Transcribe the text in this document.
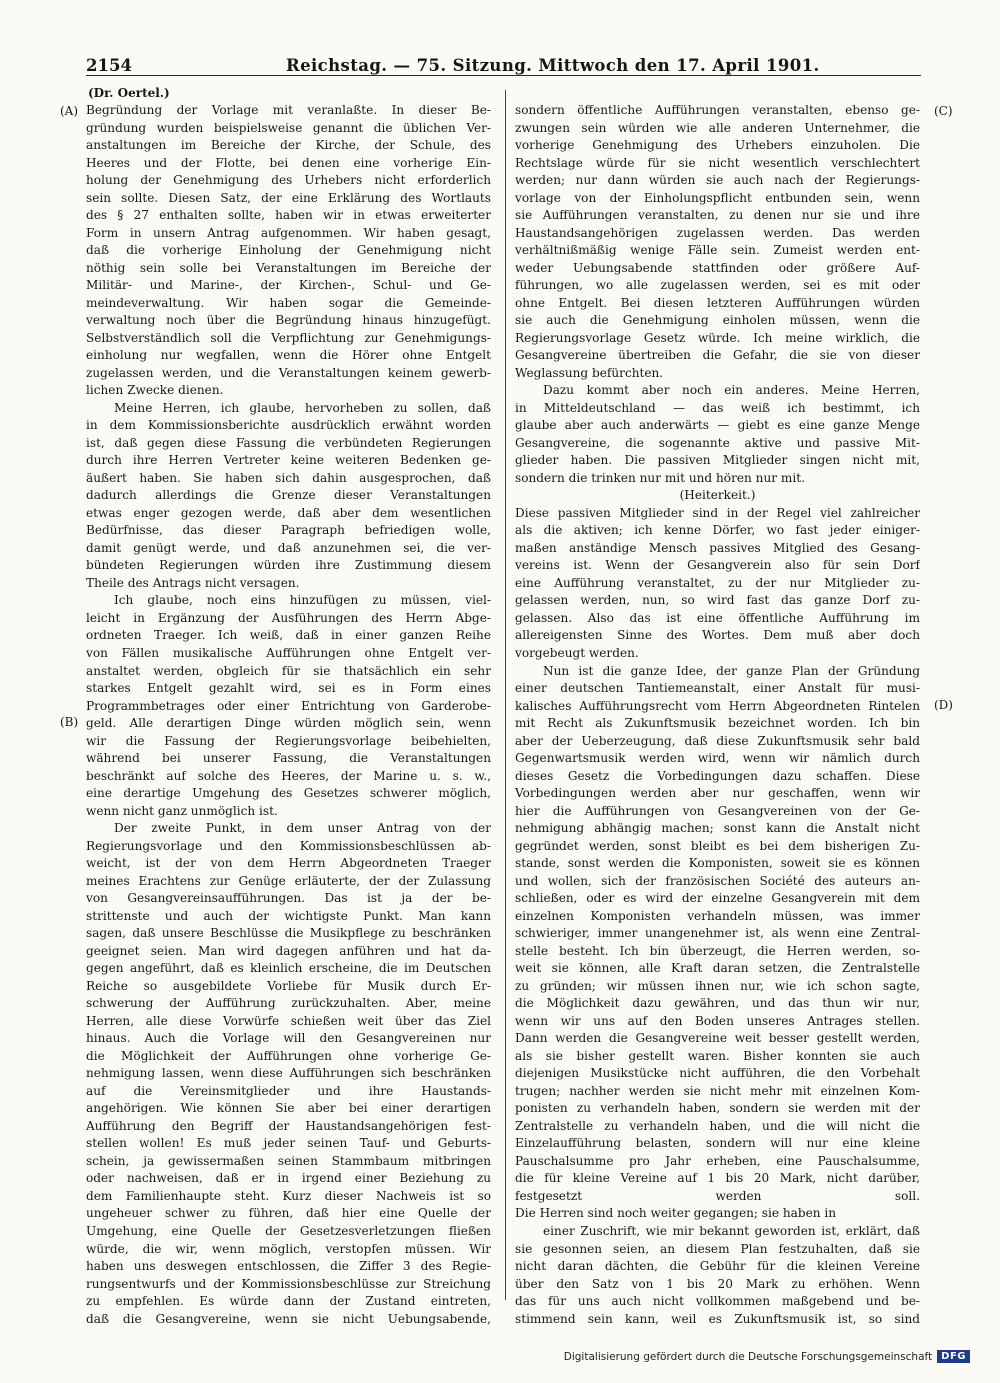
2154	Reichstag. — 75. Sitzung. Mittwoch den 17. April 1901.
(Dr. Oertel.)
(A)
(B)
(C)
(D)
Begründung der Vorlage mit veranlaßte. In dieser Be-
gründung wurden beispielsweise genannt die üblichen Ver-
anstaltungen im Bereiche der Kirche, der Schule, des
Heeres und der Flotte, bei denen eine vorherige Ein-
holung der Genehmigung des Urhebers nicht erforderlich
sein sollte. Diesen Satz, der eine Erklärung des Wortlauts
des § 27 enthalten sollte, haben wir in etwas erweiterter
Form in unsern Antrag aufgenommen. Wir haben gesagt,
daß die vorherige Einholung der Genehmigung nicht
nöthig sein solle bei Veranstaltungen im Bereiche der
Militär- und Marine-, der Kirchen-, Schul- und Ge-
meindeverwaltung. Wir haben sogar die Gemeinde-
verwaltung noch über die Begründung hinaus hinzugefügt.
Selbstverständlich soll die Verpflichtung zur Genehmigungs-
einholung nur wegfallen, wenn die Hörer ohne Entgelt
zugelassen werden, und die Veranstaltungen keinem gewerb-
lichen Zwecke dienen.
Meine Herren, ich glaube, hervorheben zu sollen, daß
in dem Kommissionsberichte ausdrücklich erwähnt worden
ist, daß gegen diese Fassung die verbündeten Regierungen
durch ihre Herren Vertreter keine weiteren Bedenken ge-
äußert haben. Sie haben sich dahin ausgesprochen, daß
dadurch allerdings die Grenze dieser Veranstaltungen
etwas enger gezogen werde, daß aber dem wesentlichen
Bedürfnisse, das dieser Paragraph befriedigen wolle,
damit genügt werde, und daß anzunehmen sei, die ver-
bündeten Regierungen würden ihre Zustimmung diesem
Theile des Antrags nicht versagen.
Ich glaube, noch eins hinzufügen zu müssen, viel-
leicht in Ergänzung der Ausführungen des Herrn Abge-
ordneten Traeger. Ich weiß, daß in einer ganzen Reihe
von Fällen musikalische Aufführungen ohne Entgelt ver-
anstaltet werden, obgleich für sie thatsächlich ein sehr
starkes Entgelt gezahlt wird, sei es in Form eines
Programmbetrages oder einer Entrichtung von Garderobe-
geld. Alle derartigen Dinge würden möglich sein, wenn
wir die Fassung der Regierungsvorlage beibehielten,
während bei unserer Fassung, die Veranstaltungen
beschränkt auf solche des Heeres, der Marine u. s. w.,
eine derartige Umgehung des Gesetzes schwerer möglich,
wenn nicht ganz unmöglich ist.
Der zweite Punkt, in dem unser Antrag von der
Regierungsvorlage und den Kommissionsbeschlüssen ab-
weicht, ist der von dem Herrn Abgeordneten Traeger
meines Erachtens zur Genüge erläuterte, der der Zulassung
von Gesangvereinsaufführungen. Das ist ja der be-
strittenste und auch der wichtigste Punkt. Man kann
sagen, daß unsere Beschlüsse die Musikpflege zu beschränken
geeignet seien. Man wird dagegen anführen und hat da-
gegen angeführt, daß es kleinlich erscheine, die im Deutschen
Reiche so ausgebildete Vorliebe für Musik durch Er-
schwerung der Aufführung zurückzuhalten. Aber, meine
Herren, alle diese Vorwürfe schießen weit über das Ziel
hinaus. Auch die Vorlage will den Gesangvereinen nur
die Möglichkeit der Aufführungen ohne vorherige Ge-
nehmigung lassen, wenn diese Aufführungen sich beschränken
auf die Vereinsmitglieder und ihre Haustands-
angehörigen. Wie können Sie aber bei einer derartigen
Aufführung den Begriff der Haustandsangehörigen fest-
stellen wollen! Es muß jeder seinen Tauf- und Geburts-
schein, ja gewissermaßen seinen Stammbaum mitbringen
oder nachweisen, daß er in irgend einer Beziehung zu
dem Familienhaupte steht. Kurz dieser Nachweis ist so
ungeheuer schwer zu führen, daß hier eine Quelle der
Umgehung, eine Quelle der Gesetzesverletzungen fließen
würde, die wir, wenn möglich, verstopfen müssen. Wir
haben uns deswegen entschlossen, die Ziffer 3 des Regie-
rungsentwurfs und der Kommissionsbeschlüsse zur Streichung
zu empfehlen. Es würde dann der Zustand eintreten,
daß die Gesangvereine, wenn sie nicht Uebungsabende,
sondern öffentliche Aufführungen veranstalten, ebenso ge-
zwungen sein würden wie alle anderen Unternehmer, die
vorherige Genehmigung des Urhebers einzuholen. Die
Rechtslage würde für sie nicht wesentlich verschlechtert
werden; nur dann würden sie auch nach der Regierungs-
vorlage von der Einholungspflicht entbunden sein, wenn
sie Aufführungen veranstalten, zu denen nur sie und ihre
Haustandsangehörigen zugelassen werden. Das werden
verhältnißmäßig wenige Fälle sein. Zumeist werden ent-
weder Uebungsabende stattfinden oder größere Auf-
führungen, wo alle zugelassen werden, sei es mit oder
ohne Entgelt. Bei diesen letzteren Aufführungen würden
sie auch die Genehmigung einholen müssen, wenn die
Regierungsvorlage Gesetz würde. Ich meine wirklich, die
Gesangvereine übertreiben die Gefahr, die sie von dieser
Weglassung befürchten.
Dazu kommt aber noch ein anderes. Meine Herren,
in Mitteldeutschland — das weiß ich bestimmt, ich
glaube aber auch anderwärts — giebt es eine ganze Menge
Gesangvereine, die sogenannte aktive und passive Mit-
glieder haben. Die passiven Mitglieder singen nicht mit,
sondern die trinken nur mit und hören nur mit.
(Heiterkeit.)
Diese passiven Mitglieder sind in der Regel viel zahlreicher
als die aktiven; ich kenne Dörfer, wo fast jeder einiger-
maßen anständige Mensch passives Mitglied des Gesang-
vereins ist. Wenn der Gesangverein also für sein Dorf
eine Aufführung veranstaltet, zu der nur Mitglieder zu-
gelassen werden, nun, so wird fast das ganze Dorf zu-
gelassen. Also das ist eine öffentliche Aufführung im
allereigensten Sinne des Wortes. Dem muß aber doch
vorgebeugt werden.
Nun ist die ganze Idee, der ganze Plan der Gründung
einer deutschen Tantiemeanstalt, einer Anstalt für musi-
kalisches Aufführungsrecht vom Herrn Abgeordneten Rintelen
mit Recht als Zukunftsmusik bezeichnet worden. Ich bin
aber der Ueberzeugung, daß diese Zukunftsmusik sehr bald
Gegenwartsmusik werden wird, wenn wir nämlich durch
dieses Gesetz die Vorbedingungen dazu schaffen. Diese
Vorbedingungen werden aber nur geschaffen, wenn wir
hier die Aufführungen von Gesangvereinen von der Ge-
nehmigung abhängig machen; sonst kann die Anstalt nicht
gegründet werden, sonst bleibt es bei dem bisherigen Zu-
stande, sonst werden die Komponisten, soweit sie es können
und wollen, sich der französischen Société des auteurs an-
schließen, oder es wird der einzelne Gesangverein mit dem
einzelnen Komponisten verhandeln müssen, was immer
schwieriger, immer unangenehmer ist, als wenn eine Zentral-
stelle besteht. Ich bin überzeugt, die Herren werden, so-
weit sie können, alle Kraft daran setzen, die Zentralstelle
zu gründen; wir müssen ihnen nur, wie ich schon sagte,
die Möglichkeit dazu gewähren, und das thun wir nur,
wenn wir uns auf den Boden unseres Antrages stellen.
Dann werden die Gesangvereine weit besser gestellt werden,
als sie bisher gestellt waren. Bisher konnten sie auch
diejenigen Musikstücke nicht aufführen, die den Vorbehalt
trugen; nachher werden sie nicht mehr mit einzelnen Kom-
ponisten zu verhandeln haben, sondern sie werden mit der
Zentralstelle zu verhandeln haben, und die will nicht die
Einzelaufführung belasten, sondern will nur eine kleine
Pauschalsumme pro Jahr erheben, eine Pauschalsumme,
die für kleine Vereine auf 1 bis 20 Mark, nicht darüber,
festgesetzt werden soll.
Die Herren sind noch weiter gegangen; sie haben in
einer Zuschrift, wie mir bekannt geworden ist, erklärt, daß
sie gesonnen seien, an diesem Plan festzuhalten, daß sie
nicht daran dächten, die Gebühr für die kleinen Vereine
über den Satz von 1 bis 20 Mark zu erhöhen. Wenn
das für uns auch nicht vollkommen maßgebend und be-
stimmend sein kann, weil es Zukunftsmusik ist, so sind
Digitalisierung gefördert durch die Deutsche Forschungsgemeinschaft DFG
